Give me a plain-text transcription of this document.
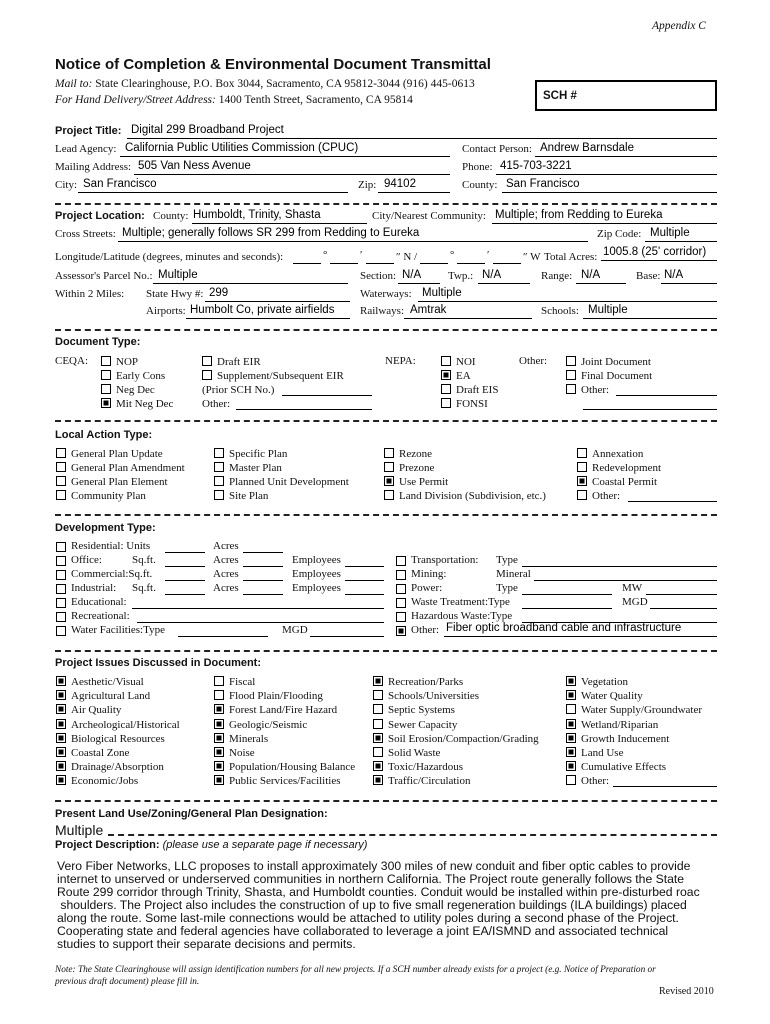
Appendix C
Notice of Completion & Environmental Document Transmittal
Mail to: State Clearinghouse, P.O. Box 3044, Sacramento, CA 95812-3044 (916) 445-0613
For Hand Delivery/Street Address: 1400 Tenth Street, Sacramento, CA 95814	SCH #
Project Title: Digital 299 Broadband Project
Lead Agency: California Public Utilities Commission (CPUC)	Contact Person: Andrew Barnsdale
Mailing Address: 505 Van Ness Avenue	Phone: 415-703-3221
City: San Francisco	Zip: 94102	County: San Francisco
Project Location: County: Humboldt, Trinity, Shasta	City/Nearest Community: Multiple; from Redding to Eureka
Cross Streets: Multiple; generally follows SR 299 from Redding to Eureka	Zip Code: Multiple
Longitude/Latitude (degrees, minutes and seconds):	°	′	″ N /	°	′	″ W Total Acres: 1005.8 (25' corridor)
Assessor's Parcel No.: Multiple	Section: N/A Twp.: N/A	Range: N/A	Base: N/A
Within 2 Miles: State Hwy #: 299	Waterways: Multiple
Airports: Humbolt Co, private airfields Railways: Amtrak	Schools: Multiple
Document Type:
CEQA:	NEPA:	Other:
NOP
Early Cons
Neg Dec
Mit Neg Dec
Draft EIR
Supplement/Subsequent EIR
(Prior SCH No.)
Other:
NOI
EA
Draft EIS
FONSI
Joint Document
Final Document
Other:
Local Action Type:
General Plan Update
General Plan Amendment
General Plan Element
Community Plan
Specific Plan
Master Plan
Planned Unit Development
Site Plan
Rezone
Prezone
Use Permit
Land Division (Subdivision, etc.)
Annexation
Redevelopment
Coastal Permit
Other:
Development Type:
Residential: Units	Acres
Office:	Sq.ft.	Acres	Employees
Commercial:Sq.ft.	Acres	Employees
Industrial: Sq.ft.	Acres	Employees
Educational:
Recreational:
Water Facilities:Type	MGD
Transportation: Type
Mining:	Mineral
Power:	Type	MW
Waste Treatment:Type	MGD
Hazardous Waste:Type
Other: Fiber optic broadband cable and infrastructure
Project Issues Discussed in Document:
Aesthetic/Visual
Agricultural Land
Air Quality
Archeological/Historical
Biological Resources
Coastal Zone
Drainage/Absorption
Economic/Jobs
Fiscal
Flood Plain/Flooding
Forest Land/Fire Hazard
Geologic/Seismic
Minerals
Noise
Population/Housing Balance
Public Services/Facilities
Recreation/Parks
Schools/Universities
Septic Systems
Sewer Capacity
Soil Erosion/Compaction/Grading
Solid Waste
Toxic/Hazardous
Traffic/Circulation
Vegetation
Water Quality
Water Supply/Groundwater
Wetland/Riparian
Growth Inducement
Land Use
Cumulative Effects
Other:
Present Land Use/Zoning/General Plan Designation:
Multiple
Project Description: (please use a separate page if necessary)
Vero Fiber Networks, LLC proposes to install approximately 300 miles of new conduit and fiber optic cables to provide
internet to unserved or underserved communities in northern California. The Project route generally follows the State
Route 299 corridor through Trinity, Shasta, and Humboldt counties. Conduit would be installed within pre-disturbed roac
shoulders. The Project also includes the construction of up to five small regeneration buildings (ILA buildings) placed
along the route. Some last-mile connections would be attached to utility poles during a second phase of the Project.
Cooperating state and federal agencies have collaborated to leverage a joint EA/ISMND and associated technical
studies to support their separate decisions and permits.
Note: The State Clearinghouse will assign identification numbers for all new projects. If a SCH number already exists for a project (e.g. Notice of Preparation or
previous draft document) please fill in.
Revised 2010
